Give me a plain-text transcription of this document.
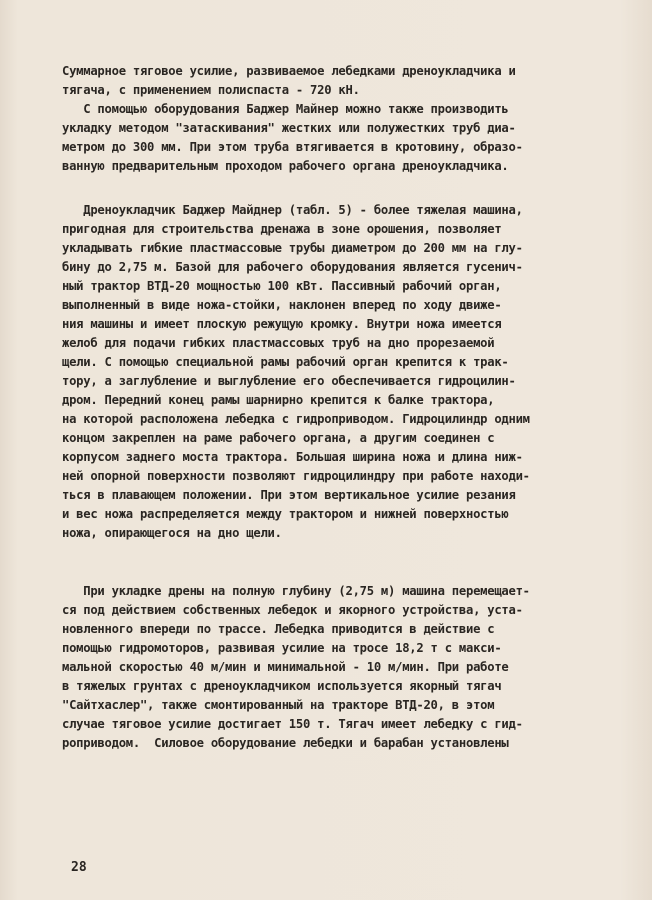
Суммарное тяговое усилие, развиваемое лебедками дреноукладчика и
тягача, с применением полиспаста - 720 кН.
С помощью оборудования Баджер Майнер можно также производить
укладку методом "затаскивания" жестких или полужестких труб диа-
метром до 300 мм. При этом труба втягивается в кротовину, образо-
ванную предварительным проходом рабочего органа дреноукладчика.
Дреноукладчик Баджер Майднер (табл. 5) - более тяжелая машина,
пригодная для строительства дренажа в зоне орошения, позволяет
укладывать гибкие пластмассовые трубы диаметром до 200 мм на глу-
бину до 2,75 м. Базой для рабочего оборудования является гусенич-
ный трактор ВТД-20 мощностью 100 кВт. Пассивный рабочий орган,
выполненный в виде ножа-стойки, наклонен вперед по ходу движе-
ния машины и имеет плоскую режущую кромку. Внутри ножа имеется
желоб для подачи гибких пластмассовых труб на дно прорезаемой
щели. С помощью специальной рамы рабочий орган крепится к трак-
тору, а заглубление и выглубление его обеспечивается гидроцилин-
дром. Передний конец рамы шарнирно крепится к балке трактора,
на которой расположена лебедка с гидроприводом. Гидроцилиндр одним
концом закреплен на раме рабочего органа, а другим соединен с
корпусом заднего моста трактора. Большая ширина ножа и длина ниж-
ней опорной поверхности позволяют гидроцилиндру при работе находи-
ться в плавающем положении. При этом вертикальное усилие резания
и вес ножа распределяется между трактором и нижней поверхностью
ножа, опирающегося на дно щели.
При укладке дрены на полную глубину (2,75 м) машина перемещает-
ся под действием собственных лебедок и якорного устройства, уста-
новленного впереди по трассе. Лебедка приводится в действие с
помощью гидромоторов, развивая усилие на тросе 18,2 т с макси-
мальной скоростью 40 м/мин и минимальной - 10 м/мин. При работе
в тяжелых грунтах с дреноукладчиком используется якорный тягач
"Сайтхаслер", также смонтированный на тракторе ВТД-20, в этом
случае тяговое усилие достигает 150 т. Тягач имеет лебедку с гид-
роприводом.  Силовое оборудование лебедки и барабан установлены
28
